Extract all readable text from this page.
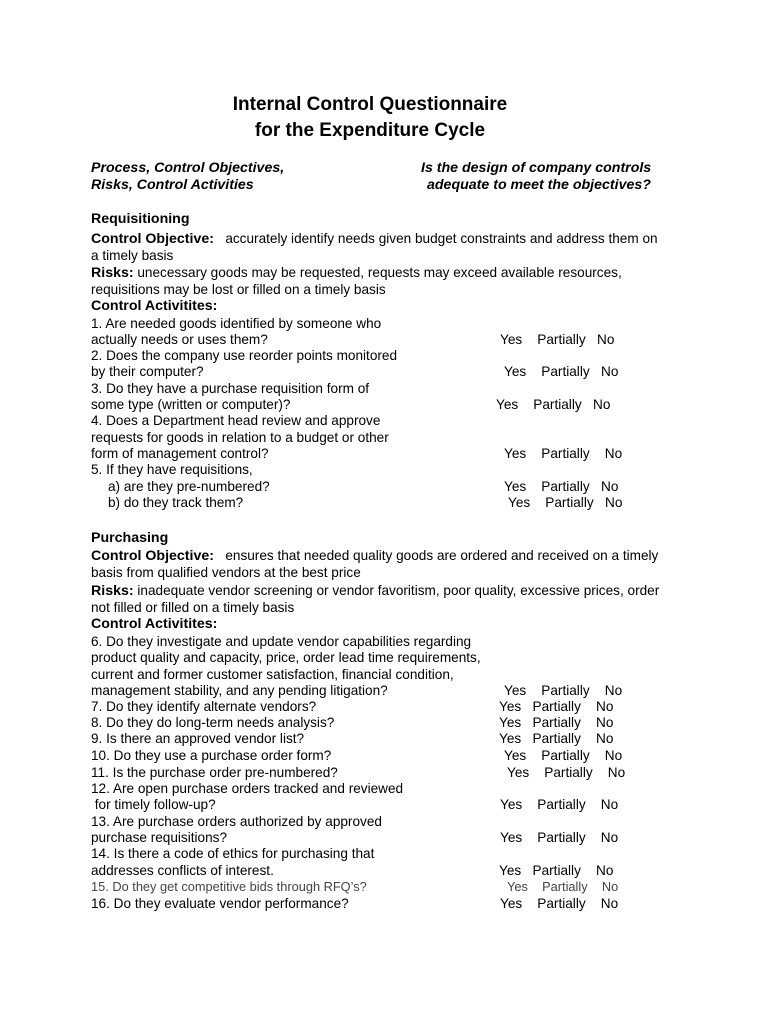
Internal Control Questionnaire
for the Expenditure Cycle
Process, Control Objectives,
Risks, Control Activities
Is the design of company controls
adequate to meet the objectives?
Requisitioning
Control Objective: accurately identify needs given budget constraints and address them on
a timely basis
Risks: unecessary goods may be requested, requests may exceed available resources,
requisitions may be lost or filled on a timely basis
Control Activitites:
1. Are needed goods identified by someone who
actually needs or uses them?	Yes Partially No
2. Does the company use reorder points monitored
by their computer?	Yes Partially No
3. Do they have a purchase requisition form of
some type (written or computer)?	Yes Partially No
4. Does a Department head review and approve
requests for goods in relation to a budget or other
form of management control?	Yes Partially No
5. If they have requisitions,
a) are they pre-numbered?	Yes Partially No
b) do they track them?	Yes Partially No
Purchasing
Control Objective: ensures that needed quality goods are ordered and received on a timely
basis from qualified vendors at the best price
Risks: inadequate vendor screening or vendor favoritism, poor quality, excessive prices, order
not filled or filled on a timely basis
Control Activitites:
6. Do they investigate and update vendor capabilities regarding
product quality and capacity, price, order lead time requirements,
current and former customer satisfaction, financial condition,
management stability, and any pending litigation?	Yes Partially No
7. Do they identify alternate vendors?	Yes Partially No
8. Do they do long-term needs analysis?	Yes Partially No
9. Is there an approved vendor list?	Yes Partially No
10. Do they use a purchase order form?	Yes Partially No
11. Is the purchase order pre-numbered?	Yes Partially No
12. Are open purchase orders tracked and reviewed
for timely follow-up?	Yes Partially No
13. Are purchase orders authorized by approved
purchase requisitions?	Yes Partially No
14. Is there a code of ethics for purchasing that
addresses conflicts of interest.	Yes Partially No
15. Do they get competitive bids through RFQ’s?	Yes Partially No
16. Do they evaluate vendor performance?	Yes Partially No
